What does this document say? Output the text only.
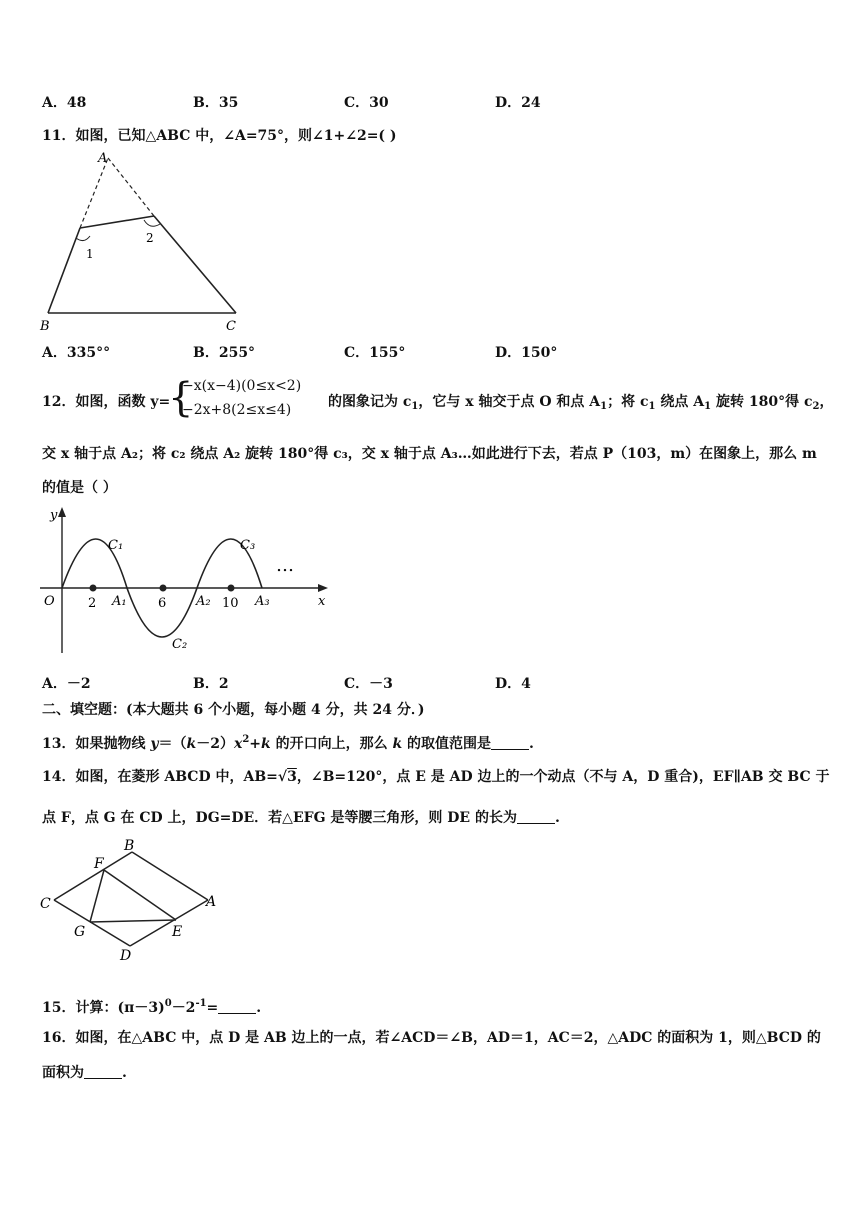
A．48	B．35	C．30	D．24
11．如图，已知△ABC 中，∠A=75°，则∠1+∠2=( )
A
B	C
1
2
A．335°°	B．255°	C．155°	D．150°
12．如图，函数 y=
{
−x(x−4)(0≤x<2)
−2x+8(2≤x≤4)	的图象记为 $c_1$，它与 x 轴交于点 O 和点 $A_1$；将 $c_1$ 绕点 $A_1$ 旋转 180°得 $c_2$，
交 x 轴于点 A₂；将 c₂ 绕点 A₂ 旋转 180°得 c₃，交 x 轴于点 A₃…如此进行下去，若点 P（103，m）在图象上，那么 m
的值是（ ）
y
x
O	2	6	10
A₁	A₂	A₃
C₁
C₂
C₃
…
A．－2	B．2	C．－3	D．4
二、填空题：(本大题共 6 个小题，每小题 4 分，共 24 分．)
13．如果抛物线 $y=(k-2)x^2+k$ 的开口向上，那么 k 的取值范围是	.
14．如图，在菱形 ABCD 中，AB=√3，∠B=120°，点 E 是 AD 边上的一个动点（不与 A，D 重合)，EF∥AB 交 BC 于
点 F，点 G 在 CD 上，DG=DE．若△EFG 是等腰三角形，则 DE 的长为	.
C
B
A
D
F
G	E
15．计算：$(\pi-3)^0-2^{-1}=$	.
16．如图，在△ABC 中，点 D 是 AB 边上的一点，若∠ACD＝∠B，AD＝1，AC＝2，△ADC 的面积为 1，则△BCD 的
面积为	.
